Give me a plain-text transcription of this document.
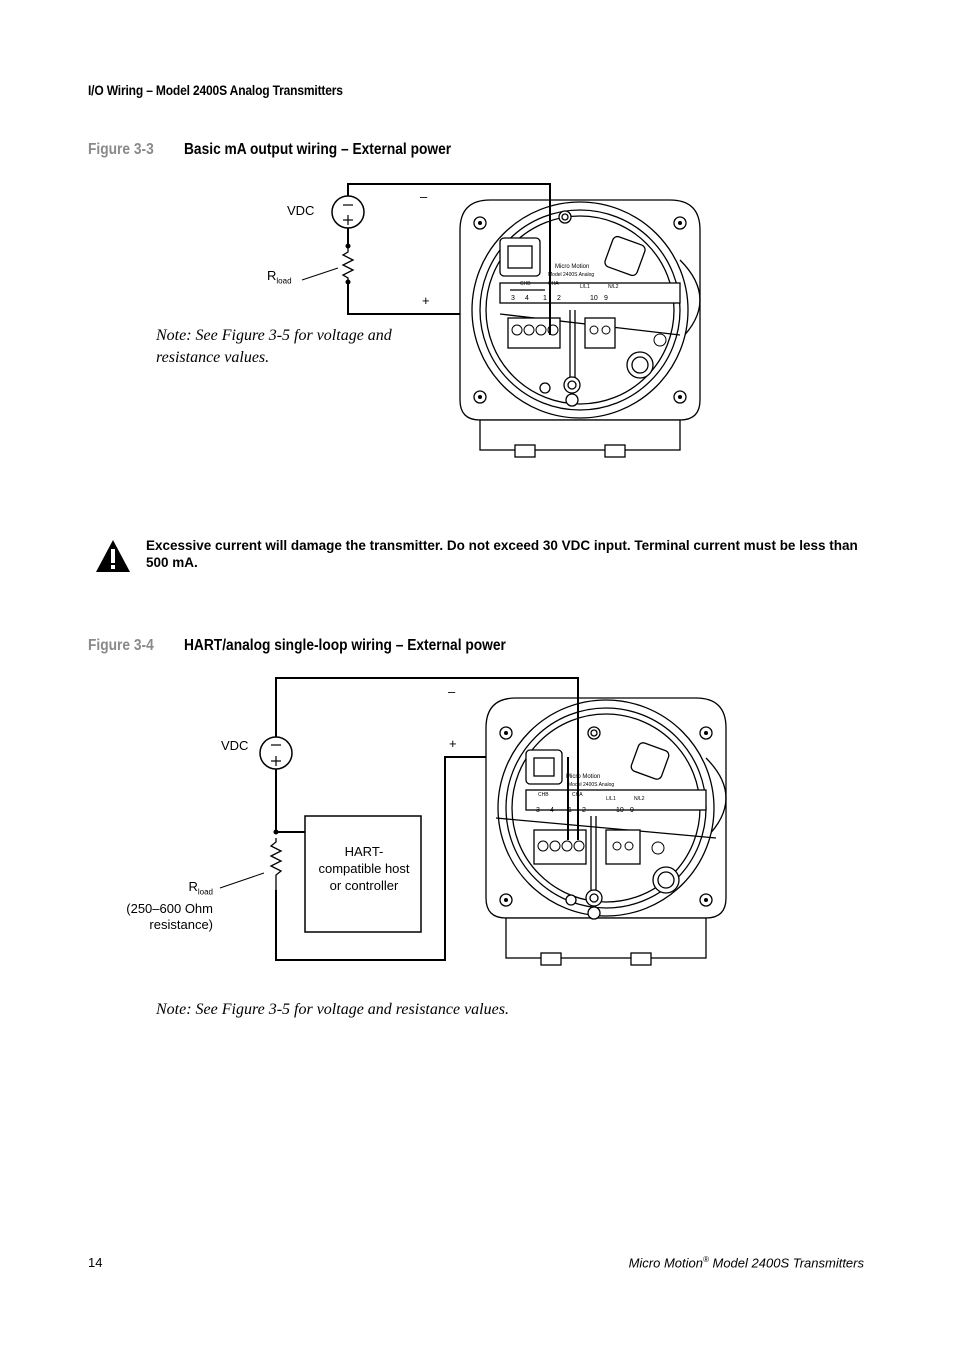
I/O Wiring – Model 2400S Analog Transmitters
Figure 3-3 Basic mA output wiring – External power
Micro Motion
Model 2400S Analog
CHB	CHA
3 4 1 2	10 9
L/L1	N/L2
VDC
$R_{load}$
–
+
Note: See Figure 3-5 for voltage and
resistance values.
Excessive current will damage the transmitter. Do not exceed 30 VDC input. Terminal current must be less than 500 mA.
Figure 3-4 HART/analog single-loop wiring – External power
Micro Motion
Model 2400S Analog
CHB	CHA
3 4 1 2	10 9
L/L1	N/L2
VDC
–
+
HART-
compatible host
or controller
$R_{load}$
(250–600 Ohm
resistance)
Note: See Figure 3-5 for voltage and resistance values.
14	Micro Motion® Model 2400S Transmitters
